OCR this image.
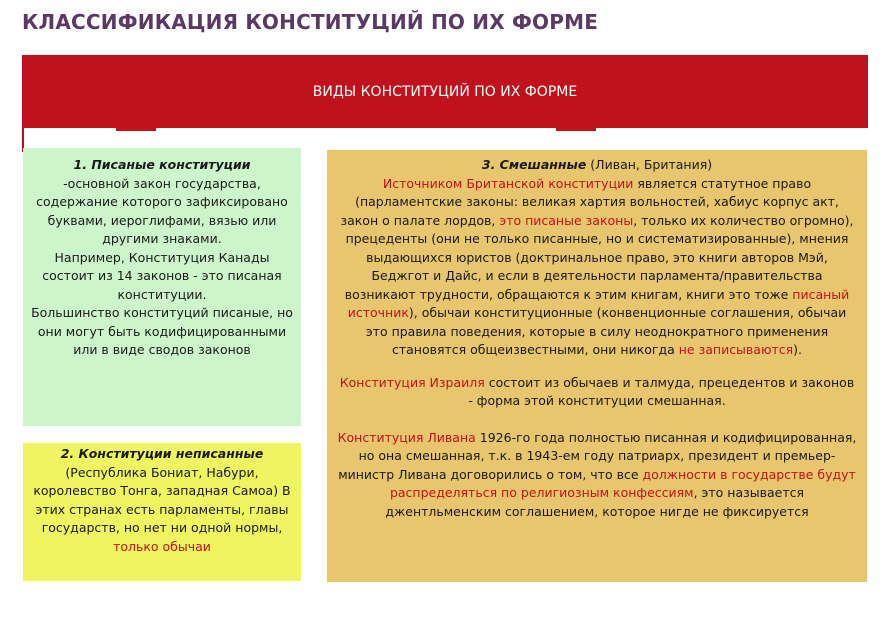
КЛАССИФИКАЦИЯ КОНСТИТУЦИЙ ПО ИХ ФОРМЕ
ВИДЫ КОНСТИТУЦИЙ ПО ИХ ФОРМЕ
1. Писаные конституции
-основной закон государства, содержание которого зафиксировано буквами, иероглифами, вязью или другими знаками.
Например, Конституция Канады состоит из 14 законов - это писаная конституции.
Большинство конституций писаные, но они могут быть кодифицированными или в виде сводов законов
2. Конституции неписанные
(Республика Бониат, Набури, королевство Тонга, западная Самоа) В этих странах есть парламенты, главы государств, но нет ни одной нормы, только обычаи
3. Смешанные (Ливан, Британия)
Источником Британской конституции является статутное право (парламентские законы: великая хартия вольностей, хабиус корпус акт, закон о палате лордов, это писаные законы, только их количество огромно), прецеденты (они не только писанные, но и систематизированные), мнения выдающихся юристов (доктринальное право, это книги авторов Мэй, Беджгот и Дайс, и если в деятельности парламента/правительства возникают трудности, обращаются к этим книгам, книги это тоже писаный источник), обычаи конституционные (конвенционные соглашения, обычаи это правила поведения, которые в силу неоднократного применения становятся общеизвестными, они никогда не записываются).
Конституция Израиля состоит из обычаев и талмуда, прецедентов и законов - форма этой конституции смешанная.
Конституция Ливана 1926-го года полностью писанная и кодифицированная, но она смешанная, т.к. в 1943-ем году патриарх, президент и премьер-министр Ливана договорились о том, что все должности в государстве будут распределяться по религиозным конфессиям, это называется джентльменским соглашением, которое нигде не фиксируется
